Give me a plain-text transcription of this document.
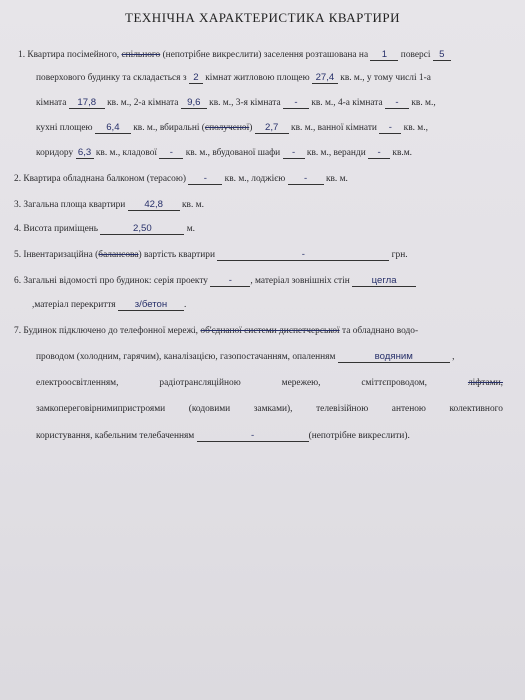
ТЕХНІЧНА ХАРАКТЕРИСТИКА КВАРТИРИ
1. Квартира посімейного, спільного (непотрібне викреслити) заселення розташована на 1 поверсі 5
поверхового будинку та складається з 2 кімнат житловою площею 27,4 кв. м., у тому числі 1-а
кімната 17,8 кв. м., 2-а кімната 9,6 кв. м., 3-я кімната - кв. м., 4-а кімната - кв. м.,
кухні площею 6,4 кв. м., вбиральні (сполученої) 2,7 кв. м., ванної кімнати - кв. м.,
коридору 6,3 кв. м., кладової - кв. м., вбудованої шафи - кв. м., веранди - кв.м.
2. Квартира обладнана балконом (терасою) - кв. м., лоджією - кв. м.
3. Загальна площа квартири 42,8 кв. м.
4. Висота приміщень	2,50	м.
5. Інвентаризаційна (балансова) вартість квартири	-	грн.
6. Загальні відомості про будинок: серія проекту - , матеріал зовнішніх стін цегла
,матеріал перекриття з/бетон .
7. Будинок підключено до телефонної мережі, об'єднаної системи диспетчерської та обладнано водо-
проводом (холодним, гарячим), каналізацією, газопостачанням, опаленням	водяним	,
електроосвітленням,	радіотрансляційною	мережею,	сміттєпроводом,	ліфтами,
замкопереговірнимипристроями	(кодовими	замками),	телевізійною	антеною	колективного
користування, кабельним телебаченням	-	(непотрібне викреслити).
